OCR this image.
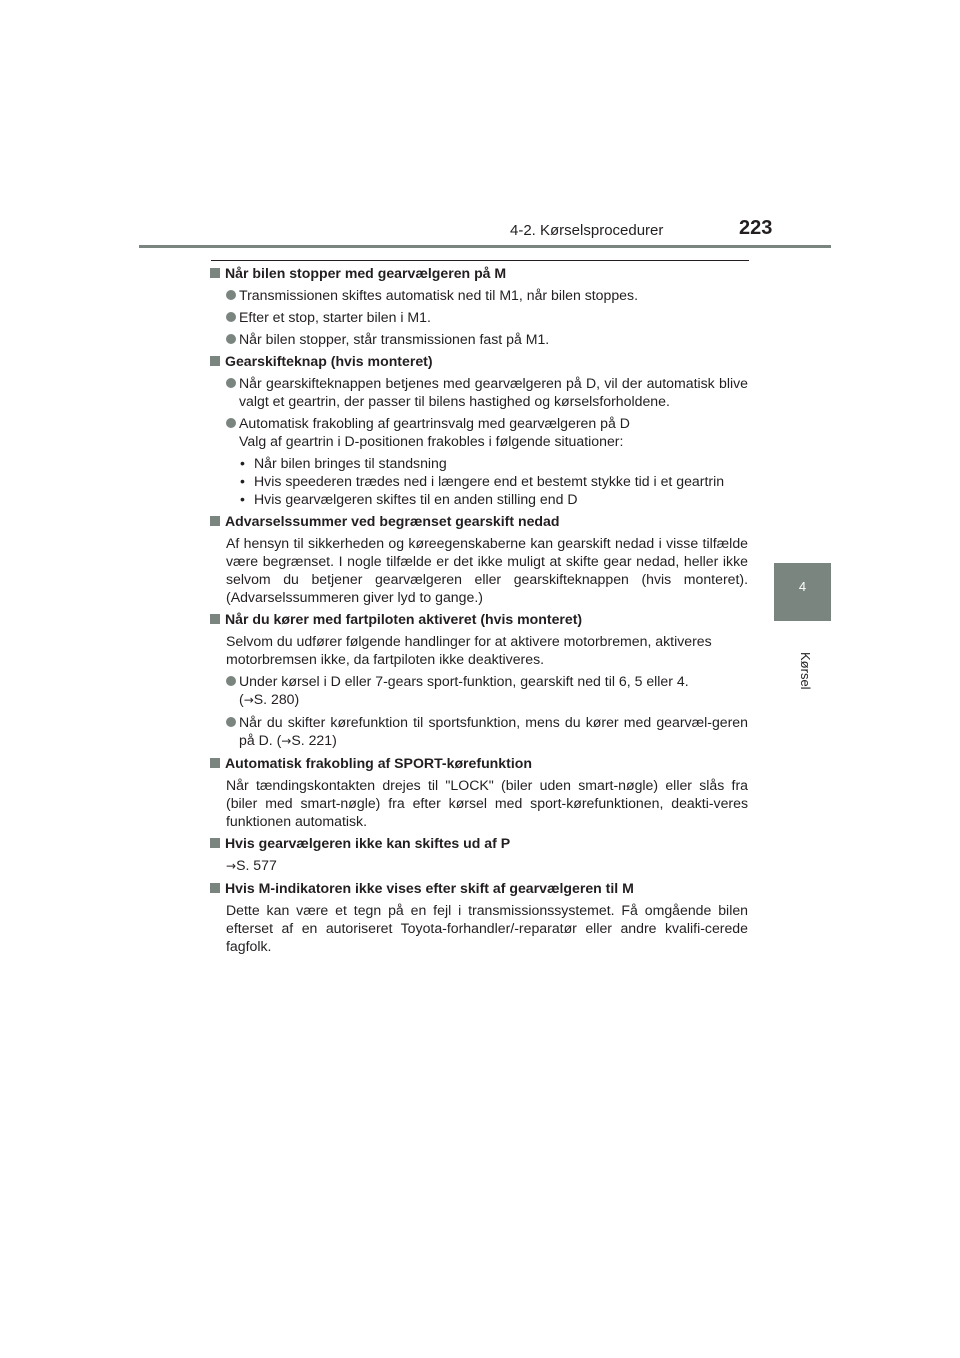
4-2. Kørselsprocedurer	223
4
Kørsel
Når bilen stopper med gearvælgeren på M
Transmissionen skiftes automatisk ned til M1, når bilen stoppes.
Efter et stop, starter bilen i M1.
Når bilen stopper, står transmissionen fast på M1.
Gearskifteknap (hvis monteret)
Når gearskifteknappen betjenes med gearvælgeren på D, vil der automatisk blive valgt et geartrin, der passer til bilens hastighed og kørselsforholdene.
Automatisk frakobling af geartrinsvalg med gearvælgeren på D
Valg af geartrin i D-positionen frakobles i følgende situationer:
• Når bilen bringes til standsning
• Hvis speederen trædes ned i længere end et bestemt stykke tid i et geartrin
• Hvis gearvælgeren skiftes til en anden stilling end D
Advarselssummer ved begrænset gearskift nedad
Af hensyn til sikkerheden og køreegenskaberne kan gearskift nedad i visse tilfælde være begrænset. I nogle tilfælde er det ikke muligt at skifte gear nedad, heller ikke selvom du betjener gearvælgeren eller gearskifteknappen (hvis monteret). (Advarselssummeren giver lyd to gange.)
Når du kører med fartpiloten aktiveret (hvis monteret)
Selvom du udfører følgende handlinger for at aktivere motorbremen, aktiveres motorbremsen ikke, da fartpiloten ikke deaktiveres.
Under kørsel i D eller 7-gears sport-funktion, gearskift ned til 6, 5 eller 4.
(→S. 280)
Når du skifter kørefunktion til sportsfunktion, mens du kører med gearvæl-geren på D. (→S. 221)
Automatisk frakobling af SPORT-kørefunktion
Når tændingskontakten drejes til "LOCK" (biler uden smart-nøgle) eller slås fra (biler med smart-nøgle) fra efter kørsel med sport-kørefunktionen, deakti-veres funktionen automatisk.
Hvis gearvælgeren ikke kan skiftes ud af P
→S. 577
Hvis M-indikatoren ikke vises efter skift af gearvælgeren til M
Dette kan være et tegn på en fejl i transmissionssystemet. Få omgående bilen efterset af en autoriseret Toyota-forhandler/-reparatør eller andre kvalifi-cerede fagfolk.
